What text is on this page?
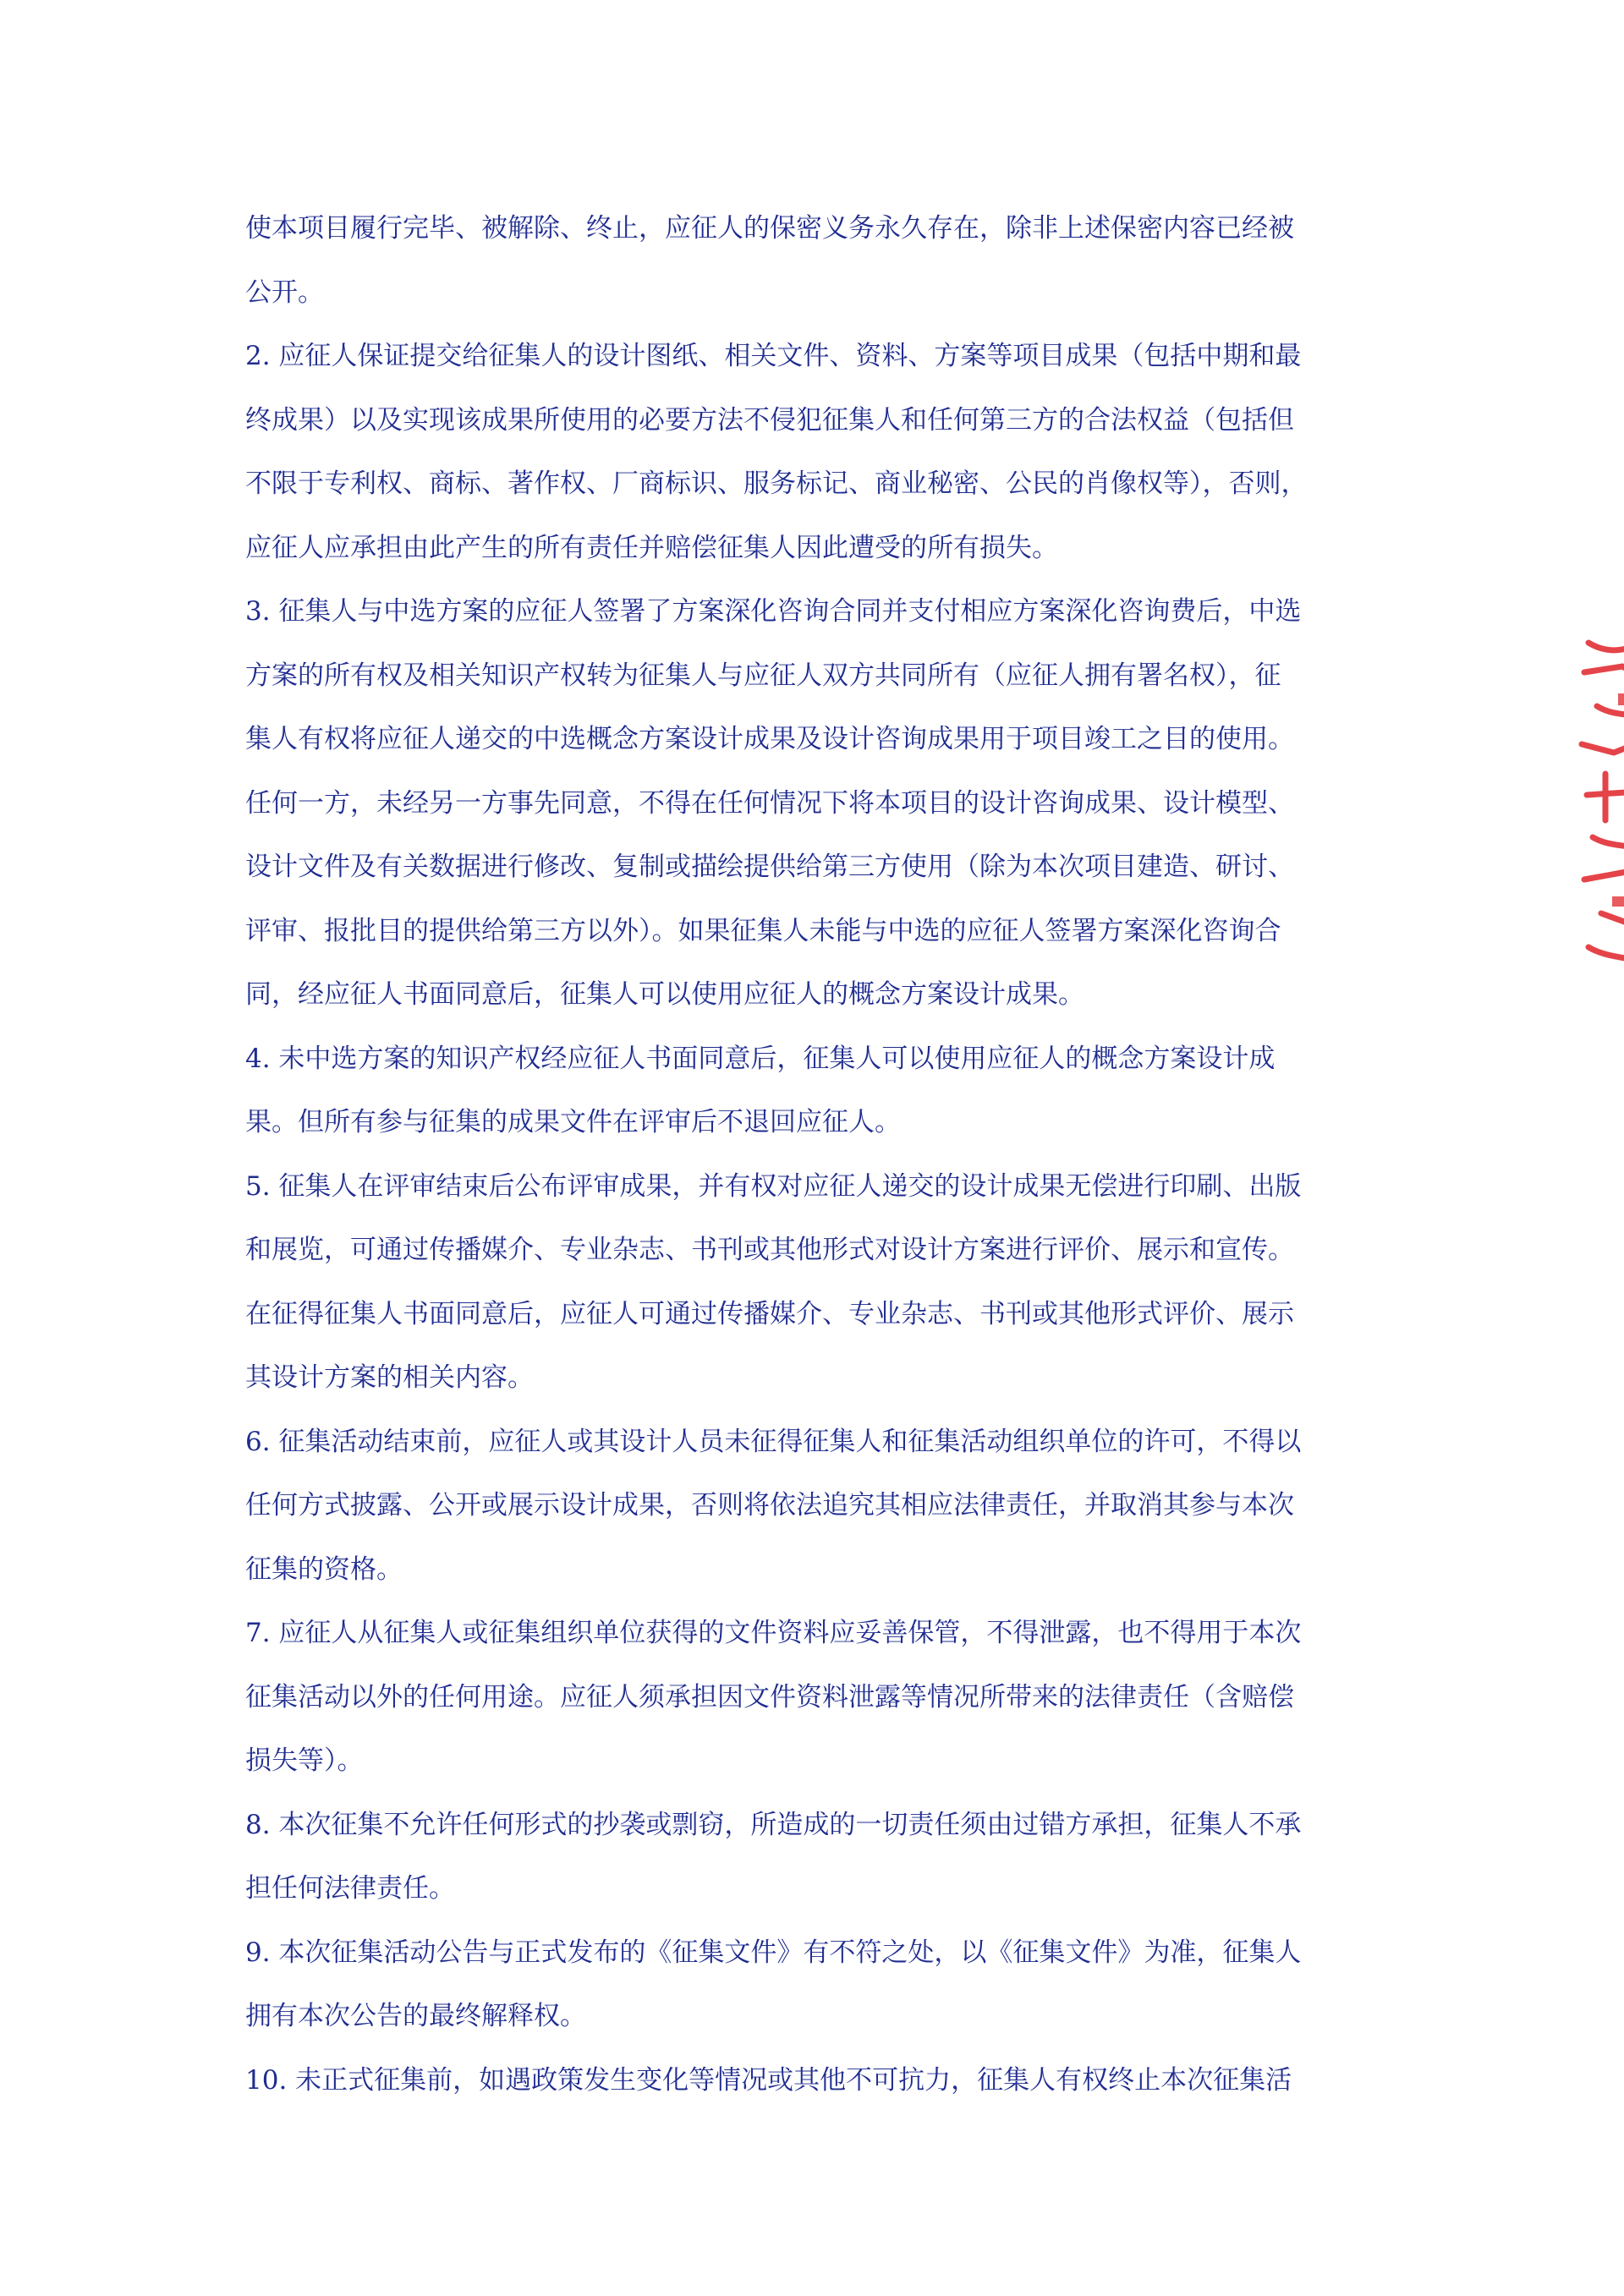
使本项目履行完毕、被解除、终止，应征人的保密义务永久存在，除非上述保密内容已经被
公开。
2. 应征人保证提交给征集人的设计图纸、相关文件、资料、方案等项目成果（包括中期和最
终成果）以及实现该成果所使用的必要方法不侵犯征集人和任何第三方的合法权益（包括但
不限于专利权、商标、著作权、厂商标识、服务标记、商业秘密、公民的肖像权等），否则，
应征人应承担由此产生的所有责任并赔偿征集人因此遭受的所有损失。
3. 征集人与中选方案的应征人签署了方案深化咨询合同并支付相应方案深化咨询费后，中选
方案的所有权及相关知识产权转为征集人与应征人双方共同所有（应征人拥有署名权），征
集人有权将应征人递交的中选概念方案设计成果及设计咨询成果用于项目竣工之目的使用。
任何一方，未经另一方事先同意，不得在任何情况下将本项目的设计咨询成果、设计模型、
设计文件及有关数据进行修改、复制或描绘提供给第三方使用（除为本次项目建造、研讨、
评审、报批目的提供给第三方以外）。如果征集人未能与中选的应征人签署方案深化咨询合
同，经应征人书面同意后，征集人可以使用应征人的概念方案设计成果。
4. 未中选方案的知识产权经应征人书面同意后，征集人可以使用应征人的概念方案设计成
果。但所有参与征集的成果文件在评审后不退回应征人。
5. 征集人在评审结束后公布评审成果，并有权对应征人递交的设计成果无偿进行印刷、出版
和展览，可通过传播媒介、专业杂志、书刊或其他形式对设计方案进行评价、展示和宣传。
在征得征集人书面同意后，应征人可通过传播媒介、专业杂志、书刊或其他形式评价、展示
其设计方案的相关内容。
6. 征集活动结束前，应征人或其设计人员未征得征集人和征集活动组织单位的许可，不得以
任何方式披露、公开或展示设计成果，否则将依法追究其相应法律责任，并取消其参与本次
征集的资格。
7. 应征人从征集人或征集组织单位获得的文件资料应妥善保管，不得泄露，也不得用于本次
征集活动以外的任何用途。应征人须承担因文件资料泄露等情况所带来的法律责任（含赔偿
损失等）。
8. 本次征集不允许任何形式的抄袭或剽窃，所造成的一切责任须由过错方承担，征集人不承
担任何法律责任。
9. 本次征集活动公告与正式发布的《征集文件》有不符之处，以《征集文件》为准，征集人
拥有本次公告的最终解释权。
10. 未正式征集前，如遇政策发生变化等情况或其他不可抗力，征集人有权终止本次征集活
